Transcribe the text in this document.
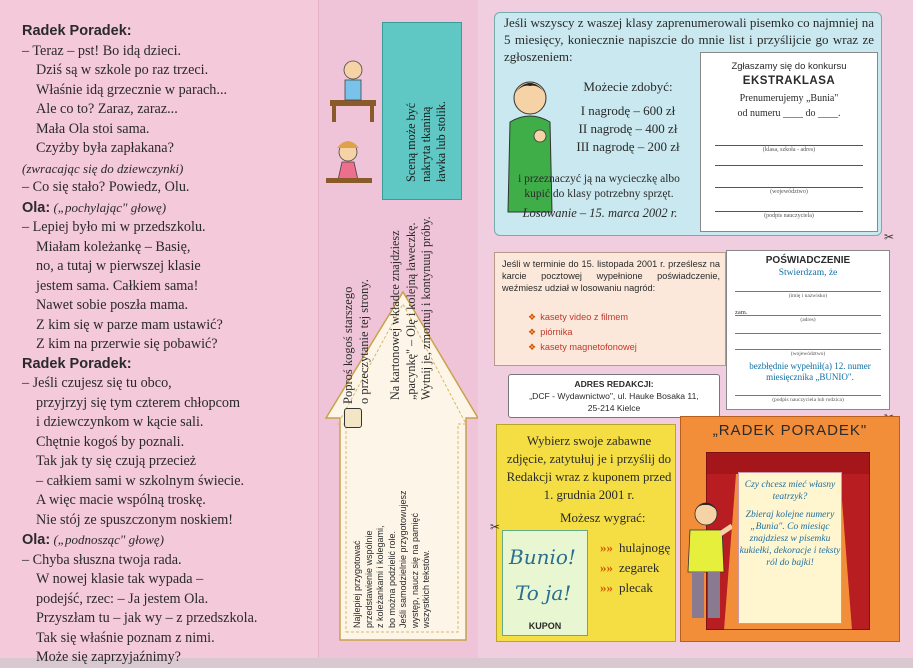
Radek Poradek:
– Teraz – pst! Bo idą dzieci.
Dziś są w szkole po raz trzeci.
Właśnie idą grzecznie w parach...
Ale co to? Zaraz, zaraz...
Mała Ola stoi sama.
Czyżby była zapłakana?
(zwracając się do dziewczynki)
– Co się stało? Powiedz, Olu.
Ola: („pochylając" głowę)
– Lepiej było mi w przedszkolu.
Miałam koleżankę – Basię,
no, a tutaj w pierwszej klasie
jestem sama. Całkiem sama!
Nawet sobie poszła mama.
Z kim się w parze mam ustawić?
Z kim na przerwie się pobawić?
Radek Poradek:
– Jeśli czujesz się tu obco,
przyjrzyj się tym czterem chłopcom
i dziewczynkom w kącie sali.
Chętnie kogoś by poznali.
Tak jak ty się czują przecież
– całkiem sami w szkolnym świecie.
A więc macie wspólną troskę.
Nie stój ze spuszczonym noskiem!
Ola: („podnosząc" głowę)
– Chyba słuszna twoja rada.
W nowej klasie tak wypada –
podejść, rzec: – Ja jestem Ola.
Przyszłam tu – jak wy – z przedszkola.
Tak się właśnie poznam z nimi.
Może się zaprzyjaźnimy?
Sceną może być nakryta tkaniną ławka lub stolik.
Poproś kogoś starszego o przeczytanie tej strony. Na kartonowej wkładce znajdziesz „pacynkę" – Olę i kolejną ławeczkę. Wytnij je, zmontuj i kontynuuj próby.
Najlepiej przygotować przedstawienie wspólnie z koleżankami i kolegami, bo można podzielić role. Jeśli samodzielnie przygotowujesz występ, naucz się na pamięć wszystkich tekstów.
Jeśli wszyscy z waszej klasy zaprenumerowali pisemko co najmniej na 5 miesięcy, koniecznie napiszcie do mnie list i przyślijcie go wraz ze zgłoszeniem:
Możecie zdobyć:
I nagrodę – 600 zł
II nagrodę – 400 zł
III nagrodę – 200 zł
i przeznaczyć ją na wycieczkę albo kupić do klasy potrzebny sprzęt.
Losowanie – 15. marca 2002 r.
Zgłaszamy się do konkursu
EKSTRAKLASA
Prenumerujemy „Bunia"
od numeru ____ do ____.
(klasa, szkoła - adres)
(województwo)
(podpis nauczyciela)
✂
Jeśli w terminie do 15. listopada 2001 r. prześlesz na karcie pocztowej wypełnione poświadczenie, weźmiesz udział w losowaniu nagród:
❖ kasety video z filmem
❖ piórnika
❖ kasety magnetofonowej
POŚWIADCZENIE
Stwierdzam, że
(imię i nazwisko)
zam.
(adres)
(województwo)
bezbłędnie wypełnił(a) 12. numer miesięcznika „BUNIO".
(podpis nauczyciela lub rodzica)
ADRES REDAKCJI:
„DCF - Wydawnictwo", ul. Hauke Bosaka 11,
25-214 Kielce
Wybierz swoje zabawne zdjęcie, zatytułuj je i przyślij do Redakcji wraz z kuponem przed 1. grudnia 2001 r.
Możesz wygrać:
Bunio!
To ja!
KUPON
✂
»» hulajnogę
»» zegarek
»» plecak
„RADEK PORADEK"
Czy chcesz mieć własny teatrzyk?
Zbieraj kolejne numery „Bunia". Co miesiąc znajdziesz w pisemku kukiełki, dekoracje i teksty ról do bajki!
